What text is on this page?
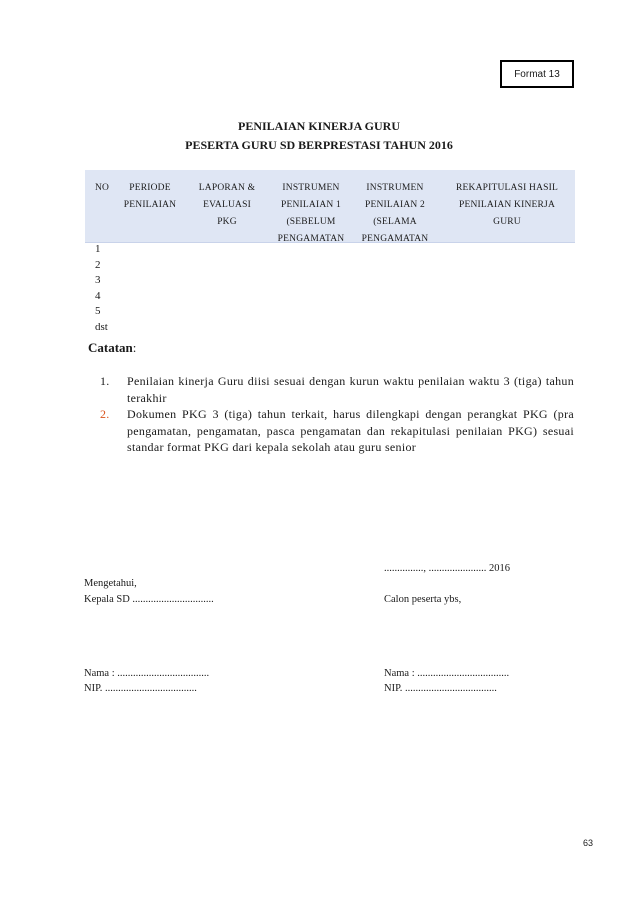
Format 13
PENILAIAN KINERJA GURU
PESERTA GURU SD BERPRESTASI TAHUN 2016
NO	PERIODE
PENILAIAN
LAPORAN &
EVALUASI
PKG
INSTRUMEN
PENILAIAN 1
(SEBELUM
PENGAMATAN
INSTRUMEN
PENILAIAN 2
(SELAMA
PENGAMATAN
REKAPITULASI HASIL
PENILAIAN KINERJA
GURU
1
2
3
4
5
dst
Catatan:
1. Penilaian kinerja Guru diisi sesuai dengan kurun waktu penilaian waktu 3 (tiga) tahun terakhir
2. Dokumen PKG 3 (tiga) tahun terkait, harus dilengkapi dengan perangkat PKG (pra pengamatan, pengamatan, pasca pengamatan dan rekapitulasi penilaian PKG) sesuai standar format PKG dari kepala sekolah atau guru senior
..............., ...................... 2016
Mengetahui,
Kepala SD ...............................	Calon peserta ybs,
Nama : ...................................
NIP. ...................................
Nama : ...................................
NIP. ...................................
63
